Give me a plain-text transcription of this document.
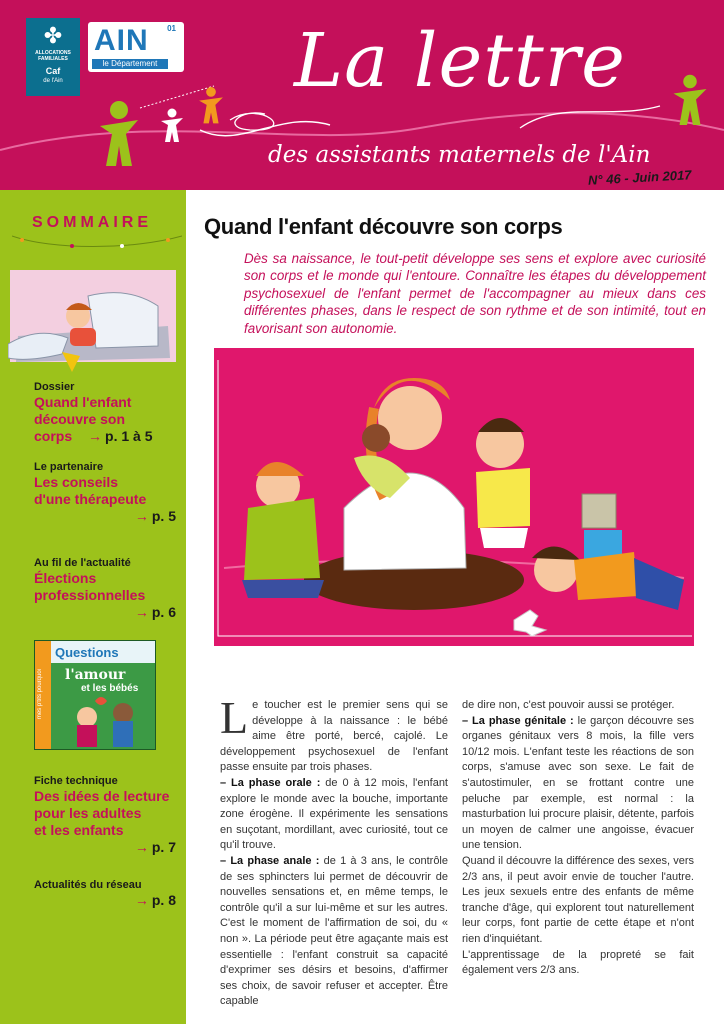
✤
ALLOCATIONS FAMILIALES
Caf
de l'Ain
AIN 01
le Département La lettre
des assistants maternels de l'Ain
N° 46 - Juin 2017
SOMMAIRE
Dossier
Quand l'enfant
découvre son
corps → p. 1 à 5
Le partenaire
Les conseils
d'une thérapeute
→ p. 5
Au fil de l'actualité
Élections
professionnelles
→ p. 6
mes p'tits pourquoi
Questions
l'amour
et les bébés
Fiche technique
Des idées de lecture
pour les adultes
et les enfants
→ p. 7
Actualités du réseau
→ p. 8
Quand l'enfant découvre son corps

Dès sa naissance, le tout-petit développe ses sens et explore avec curiosité son corps et le monde qui l'entoure. Connaître les étapes du développement psychosexuel de l'enfant permet de l'accompagner au mieux dans ces différentes phases, dans le respect de son rythme et de son intimité, tout en favorisant son autonomie.

Le toucher est le premier sens qui se développe à la naissance : le bébé aime être porté, bercé, cajolé. Le développement psychosexuel de l'enfant passe ensuite par trois phases.

– La phase orale : de 0 à 12 mois, l'enfant explore le monde avec la bouche, importante zone érogène. Il expérimente les sensations en suçotant, mordillant, avec curiosité, tout ce qu'il trouve.

– La phase anale : de 1 à 3 ans, le contrôle de ses sphincters lui permet de découvrir de nouvelles sensations et, en même temps, le contrôle qu'il a sur lui-même et sur les autres. C'est le moment de l'affirmation de soi, du « non ». La période peut être agaçante mais est essentielle : l'enfant construit sa capacité d'exprimer ses désirs et besoins, d'affirmer ses choix, de savoir refuser et accepter. Être capable

de dire non, c'est pouvoir aussi se protéger.

– La phase génitale : le garçon découvre ses organes génitaux vers 8 mois, la fille vers 10/12 mois. L'enfant teste les réactions de son corps, s'amuse avec son sexe. Le fait de s'autostimuler, en se frottant contre une peluche par exemple, est normal : la masturbation lui procure plaisir, détente, parfois un moyen de calmer une angoisse, évacuer une tension.

Quand il découvre la différence des sexes, vers 2/3 ans, il peut avoir envie de toucher l'autre. Les jeux sexuels entre des enfants de même tranche d'âge, qui explorent tout naturellement leur corps, font partie de cette étape et n'ont rien d'inquiétant.

L'apprentissage de la propreté se fait également vers 2/3 ans.
